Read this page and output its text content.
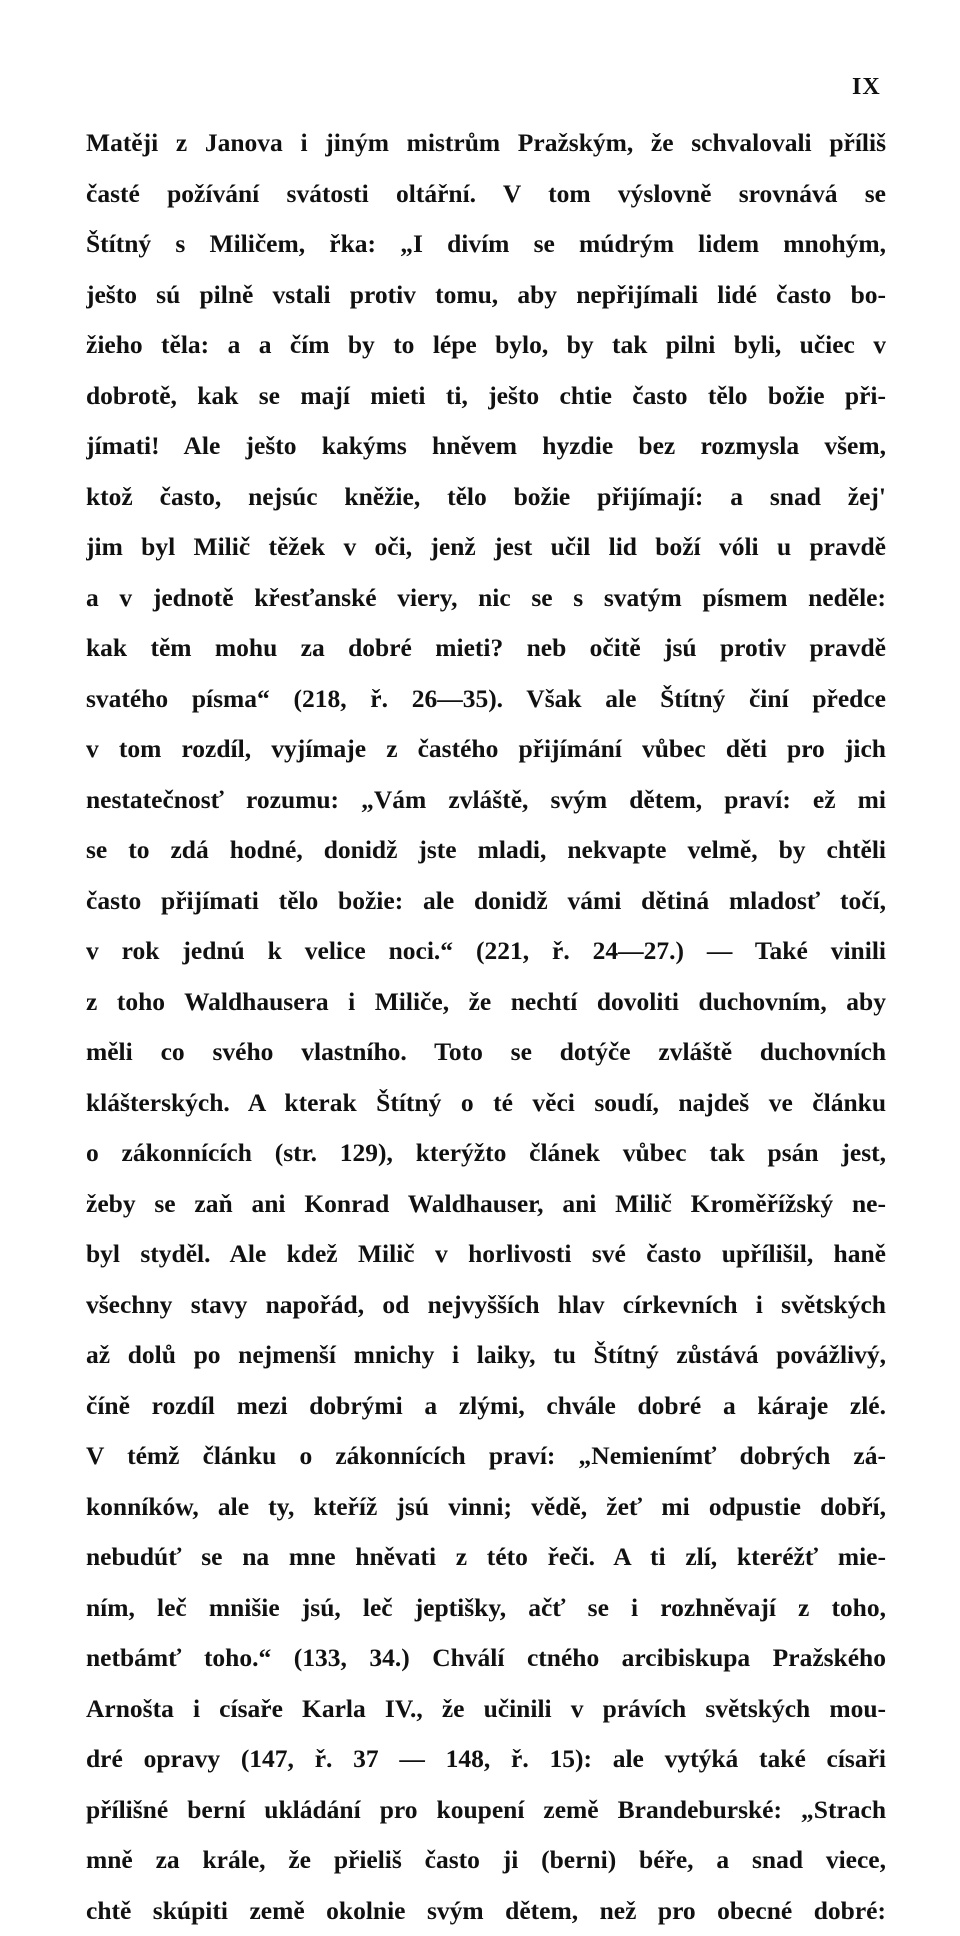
IX
Matěji z Janova i jiným mistrům Pražským, že schvalovali příliš
časté požívání svátosti oltářní. V tom výslovně srovnává se
Štítný s Miličem, řka: „I divím se múdrým lidem mnohým,
ješto sú pilně vstali protiv tomu, aby nepřijímali lidé často bo-
žieho těla: a a čím by to lépe bylo, by tak pilni byli, učiec v
dobrotě, kak se mají mieti ti, ješto chtie často tělo božie při-
jímati! Ale ješto kakýms hněvem hyzdie bez rozmysla všem,
ktož často, nejsúc kněžie, tělo božie přijímají: a snad žej'
jim byl Milič těžek v oči, jenž jest učil lid boží vóli u pravdě
a v jednotě křesťanské viery, nic se s svatým písmem neděle:
kak těm mohu za dobré mieti? neb očitě jsú protiv pravdě
svatého písma“ (218, ř. 26—35). Však ale Štítný činí předce
v tom rozdíl, vyjímaje z častého přijímání vůbec děti pro jich
nestatečnosť rozumu: „Vám zvláště, svým dětem, praví: ež mi
se to zdá hodné, donidž jste mladi, nekvapte velmě, by chtěli
často přijímati tělo božie: ale donidž vámi dětiná mladosť točí,
v rok jednú k velice noci.“ (221, ř. 24—27.) — Také vinili
z toho Waldhausera i Miliče, že nechtí dovoliti duchovním, aby
měli co svého vlastního. Toto se dotýče zvláště duchovních
klášterských. A kterak Štítný o té věci soudí, najdeš ve článku
o zákonnících (str. 129), kterýžto článek vůbec tak psán jest,
žeby se zaň ani Konrad Waldhauser, ani Milič Kroměřížský ne-
byl styděl. Ale kdež Milič v horlivosti své často upřílišil, haně
všechny stavy napořád, od nejvyšších hlav církevních i světských
až dolů po nejmenší mnichy i laiky, tu Štítný zůstává povážlivý,
číně rozdíl mezi dobrými a zlými, chvále dobré a káraje zlé.
V témž článku o zákonnících praví: „Nemienímť dobrých zá-
konníków, ale ty, kteříž jsú vinni; vědě, žeť mi odpustie dobří,
nebudúť se na mne hněvati z této řeči. A ti zlí, kteréžť mie-
ním, leč mnišie jsú, leč jeptišky, ačť se i rozhněvají z toho,
netbámť toho.“ (133, 34.) Chválí ctného arcibiskupa Pražského
Arnošta i císaře Karla IV., že učinili v právích světských mou-
dré opravy (147, ř. 37 — 148, ř. 15): ale vytýká také císaři
přílišné berní ukládání pro koupení země Brandeburské: „Strach
mně za krále, že přieliš často ji (berni) béře, a snad viece,
chtě skúpiti země okolnie svým dětem, než pro obecné dobré:
